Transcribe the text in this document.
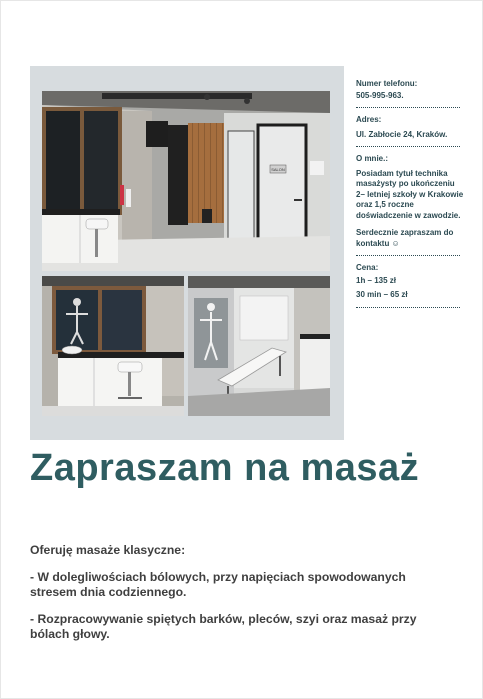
SALON
Numer telefonu:
505-995-963.
Adres:
Ul. Zabłocie 24, Kraków.
O mnie.:
Posiadam tytuł technika masażysty po ukończeniu 2– letniej szkoły w Krakowie oraz 1,5 roczne doświadczenie w zawodzie.
Serdecznie zapraszam do kontaktu ☺
Cena:
1h – 135 zł
30 min – 65 zł
Zapraszam na masaż

Oferuję masaże klasyczne:

- W dolegliwościach bólowych, przy napięciach spowodowanych stresem dnia codziennego.

- Rozpracowywanie spiętych barków, pleców, szyi oraz masaż przy bólach głowy.
